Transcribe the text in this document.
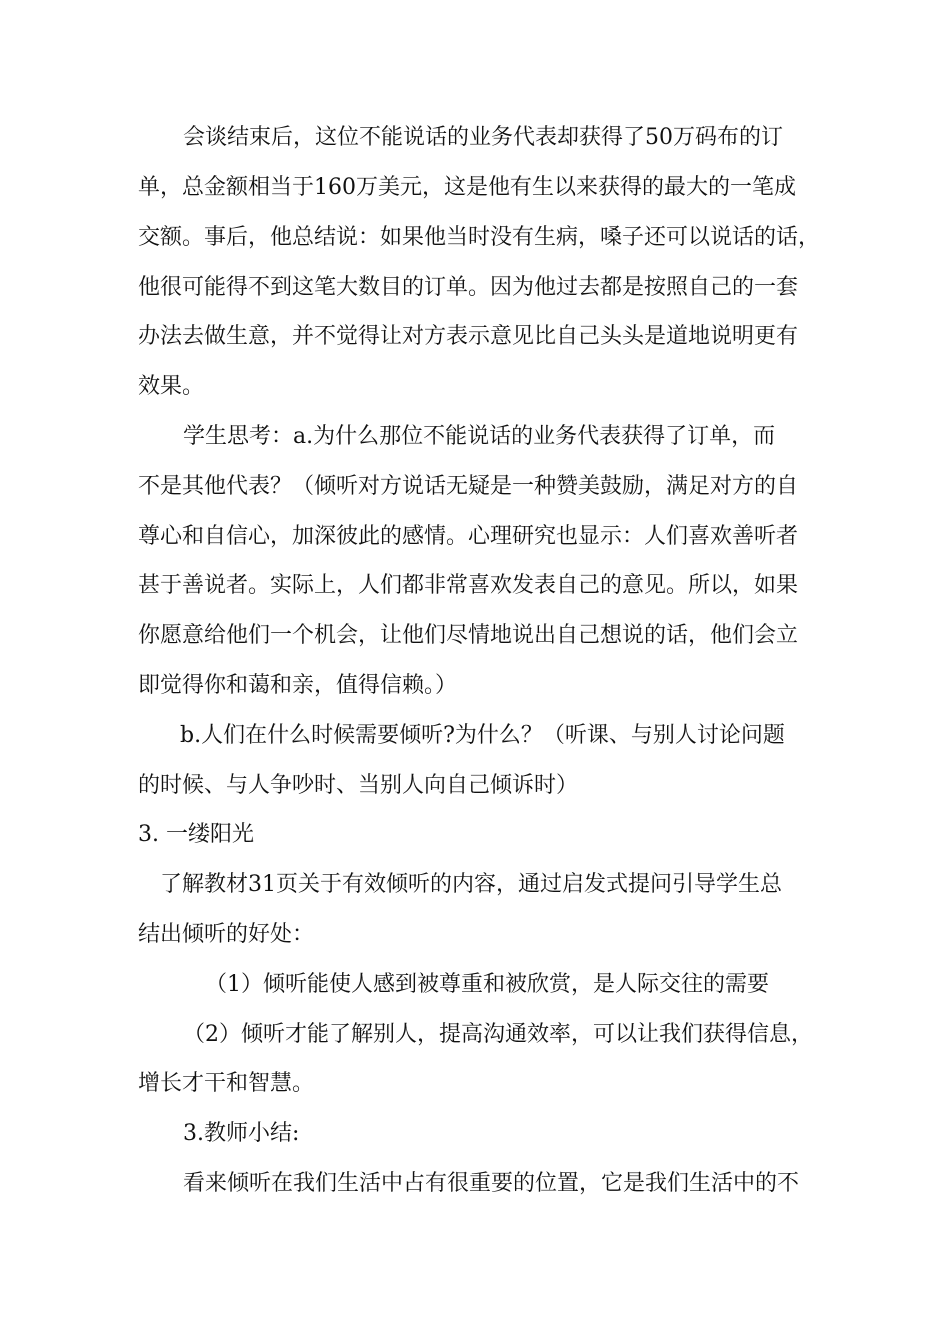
会谈结束后，这位不能说话的业务代表却获得了50万码布的订
单，总金额相当于160万美元，这是他有生以来获得的最大的一笔成
交额。事后，他总结说：如果他当时没有生病，嗓子还可以说话的话，
他很可能得不到这笔大数目的订单。因为他过去都是按照自己的一套
办法去做生意，并不觉得让对方表示意见比自己头头是道地说明更有
效果。
学生思考：a.为什么那位不能说话的业务代表获得了订单，而
不是其他代表？（倾听对方说话无疑是一种赞美鼓励，满足对方的自
尊心和自信心，加深彼此的感情。心理研究也显示：人们喜欢善听者
甚于善说者。实际上，人们都非常喜欢发表自己的意见。所以，如果
你愿意给他们一个机会，让他们尽情地说出自己想说的话，他们会立
即觉得你和蔼和亲，值得信赖。）
b.人们在什么时候需要倾听?为什么？（听课、与别人讨论问题
的时候、与人争吵时、当别人向自己倾诉时）
3. 一缕阳光
了解教材31页关于有效倾听的内容，通过启发式提问引导学生总
结出倾听的好处：
（1）倾听能使人感到被尊重和被欣赏，是人际交往的需要
（2）倾听才能了解别人，提高沟通效率，可以让我们获得信息，
增长才干和智慧。
3.教师小结:
看来倾听在我们生活中占有很重要的位置，它是我们生活中的不
